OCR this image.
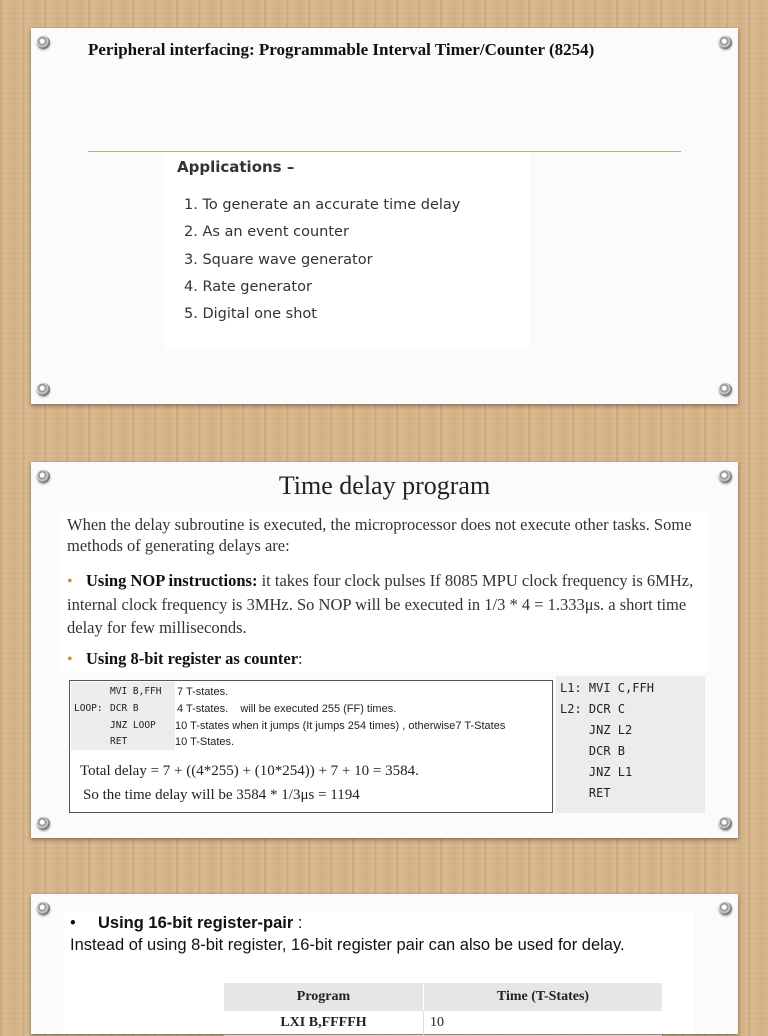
Peripheral interfacing: Programmable Interval Timer/Counter (8254)
Applications –
1. To generate an accurate time delay
2. As an event counter
3. Square wave generator
4. Rate generator
5. Digital one shot
Time delay program
When the delay subroutine is executed, the microprocessor does not execute other tasks. Some methods of generating delays are:
• Using NOP instructions: it takes four clock pulses If 8085 MPU clock frequency is 6MHz, internal clock frequency is 3MHz. So NOP will be executed in 1/3 * 4 = 1.333μs. a short time delay for few milliseconds.
• Using 8-bit register as counter:
MVI B,FFH 7 T-states.
LOOP: DCR B	4 T-states.    will be executed 255 (FF) times.
JNZ LOOP 10 T-states when it jumps (It jumps 254 times) , otherwise7 T-States
RET	10 T-States.
Total delay = 7 + ((4*255) + (10*254)) + 7 + 10 = 3584.
So the time delay will be 3584 * 1/3μs = 1194
L1: MVI C,FFH
L2: DCR C
JNZ L2
DCR B
JNZ L1
RET
• Using 16-bit register-pair :
Instead of using 8-bit register, 16-bit register pair can also be used for delay.
Program	Time (T-States)
LXI B,FFFFH	10
